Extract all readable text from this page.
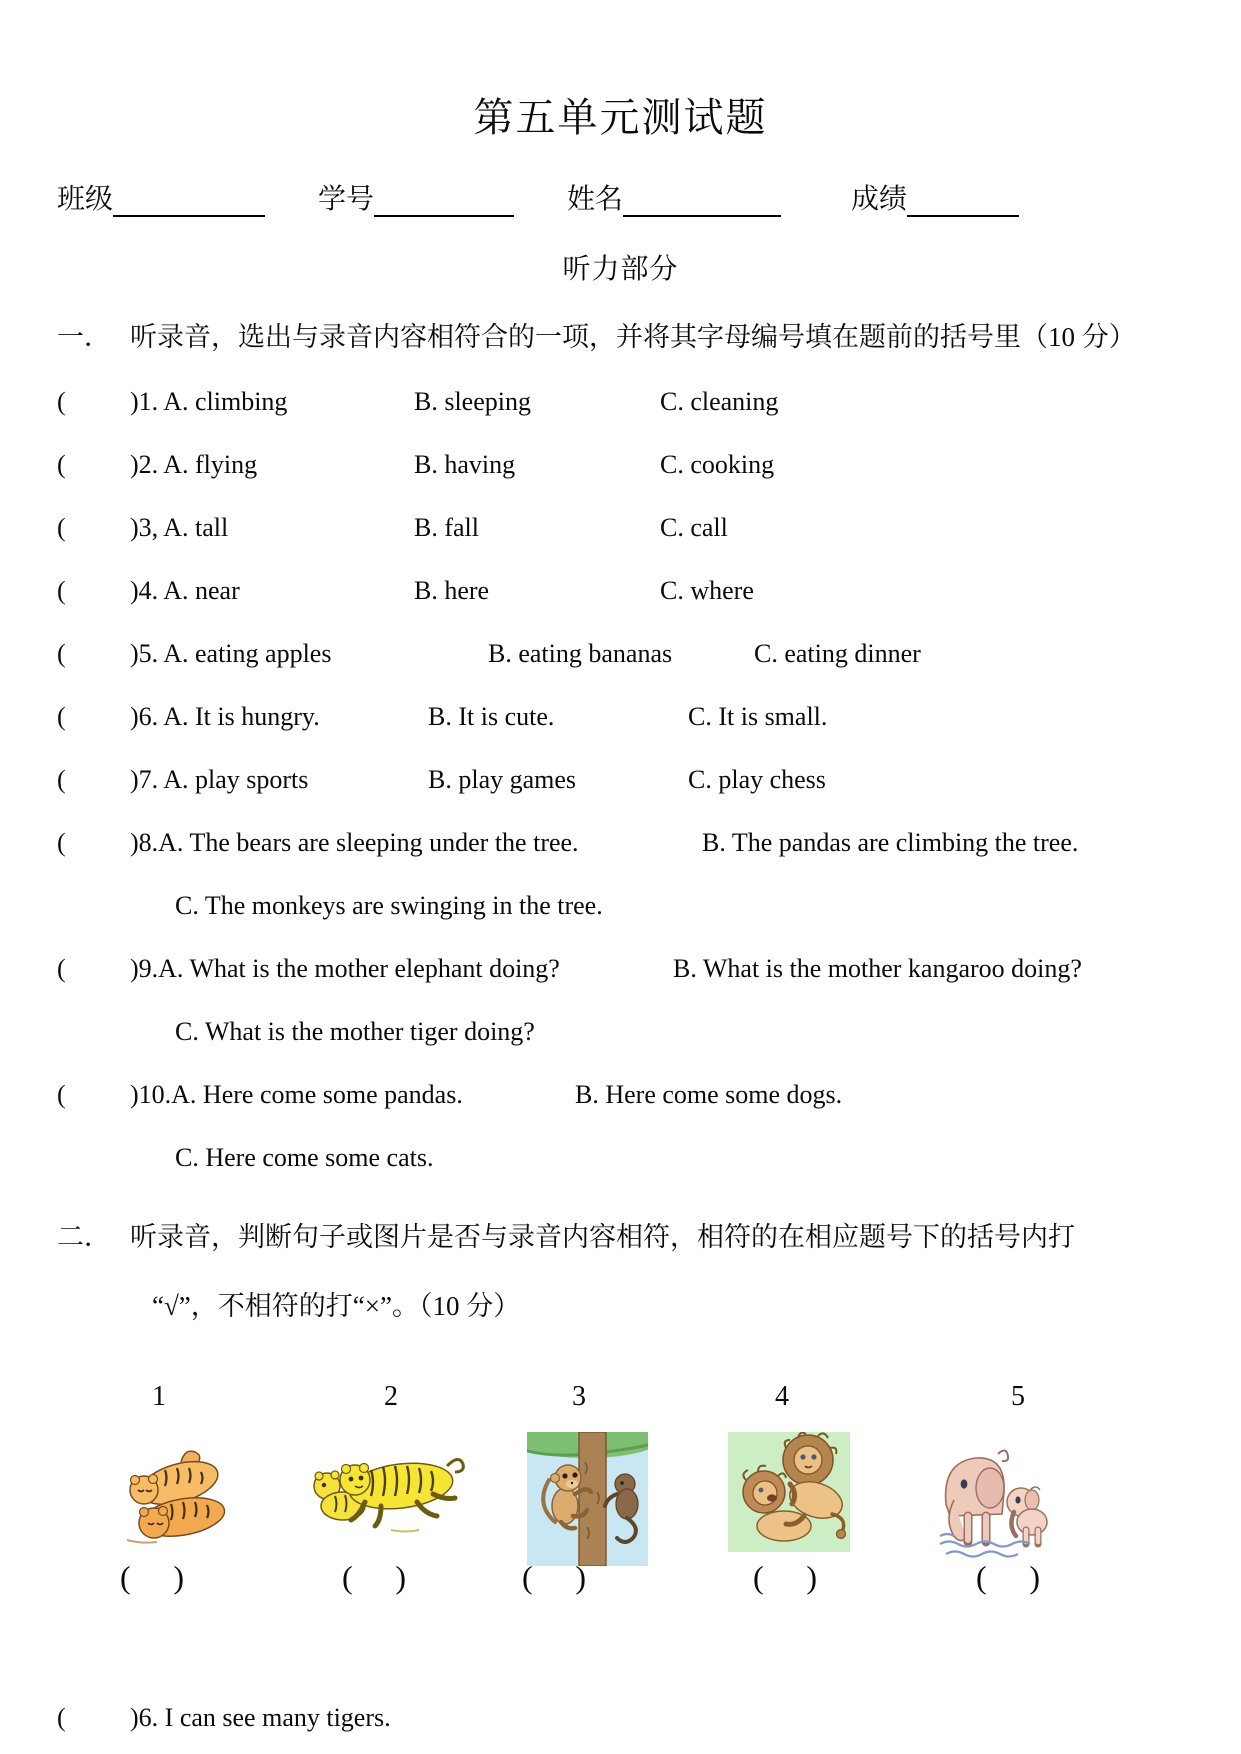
第五单元测试题
班级	学号	姓名	成绩
听力部分
一． 听录音，选出与录音内容相符合的一项，并将其字母编号填在题前的括号里（10 分）
(	)1. A. climbing	B. sleeping	C. cleaning
(	)2. A. flying	B. having	C. cooking
(	)3, A. tall	B. fall	C. call
(	)4. A. near	B. here	C. where
(	)5. A. eating apples	B. eating bananas	C. eating dinner
(	)6. A. It is hungry.	B. It is cute.	C. It is small.
(	)7. A. play sports	B. play games	C. play chess
(	)8.A. The bears are sleeping under the tree.	B. The pandas are climbing the tree.
C. The monkeys are swinging in the tree.
(	)9.A. What is the mother elephant doing?	B. What is the mother kangaroo doing?
C. What is the mother tiger doing?
(	)10.A. Here come some pandas.	B. Here come some dogs.
C. Here come some cats.
二． 听录音，判断句子或图片是否与录音内容相符，相符的在相应题号下的括号内打
“√”，不相符的打“×”。（10 分）
1	2	3	4	5
( )	( )	( )	( )	( )
(	)6. I can see many tigers.
